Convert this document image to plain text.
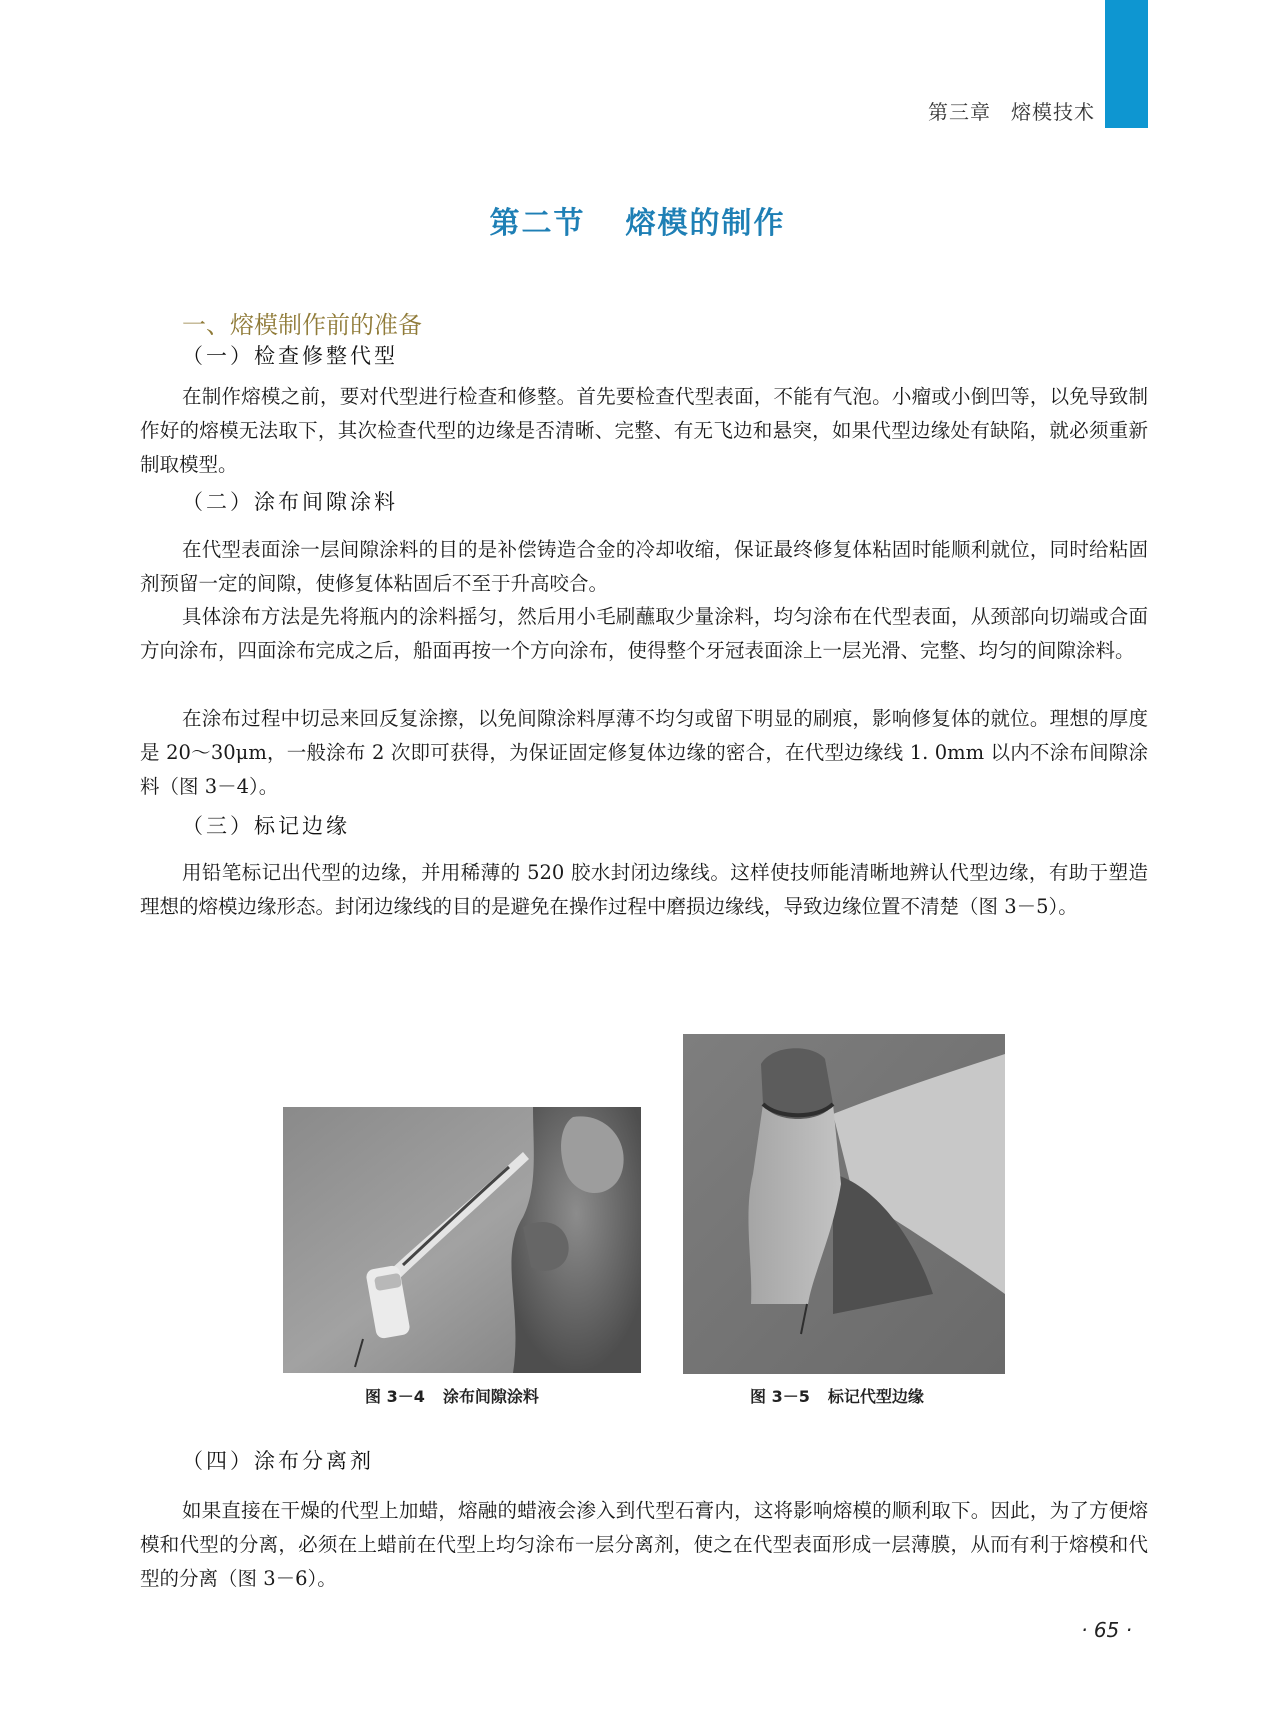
第三章 熔模技术
第二节 熔模的制作
一、熔模制作前的准备
（一）检查修整代型

在制作熔模之前，要对代型进行检查和修整。首先要检查代型表面，不能有气泡。小瘤或小倒凹等，以免导致制作好的熔模无法取下，其次检查代型的边缘是否清晰、完整、有无飞边和悬突，如果代型边缘处有缺陷，就必须重新制取模型。

（二）涂布间隙涂料

在代型表面涂一层间隙涂料的目的是补偿铸造合金的冷却收缩，保证最终修复体粘固时能顺利就位，同时给粘固剂预留一定的间隙，使修复体粘固后不至于升高咬合。

具体涂布方法是先将瓶内的涂料摇匀，然后用小毛刷蘸取少量涂料，均匀涂布在代型表面，从颈部向切端或合面方向涂布，四面涂布完成之后，船面再按一个方向涂布，使得整个牙冠表面涂上一层光滑、完整、均匀的间隙涂料。

在涂布过程中切忌来回反复涂擦，以免间隙涂料厚薄不均匀或留下明显的刷痕，影响修复体的就位。理想的厚度是 20～30μm，一般涂布 2 次即可获得，为保证固定修复体边缘的密合，在代型边缘线 1. 0mm 以内不涂布间隙涂料（图 3－4）。

（三）标记边缘

用铅笔标记出代型的边缘，并用稀薄的 520 胶水封闭边缘线。这样使技师能清晰地辨认代型边缘，有助于塑造理想的熔模边缘形态。封闭边缘线的目的是避免在操作过程中磨损边缘线，导致边缘位置不清楚（图 3－5）。

图 3－4 涂布间隙涂料	图 3－5 标记代型边缘
（四）涂布分离剂

如果直接在干燥的代型上加蜡，熔融的蜡液会渗入到代型石膏内，这将影响熔模的顺利取下。因此，为了方便熔模和代型的分离，必须在上蜡前在代型上均匀涂布一层分离剂，使之在代型表面形成一层薄膜，从而有利于熔模和代型的分离（图 3－6）。

· 65 ·
